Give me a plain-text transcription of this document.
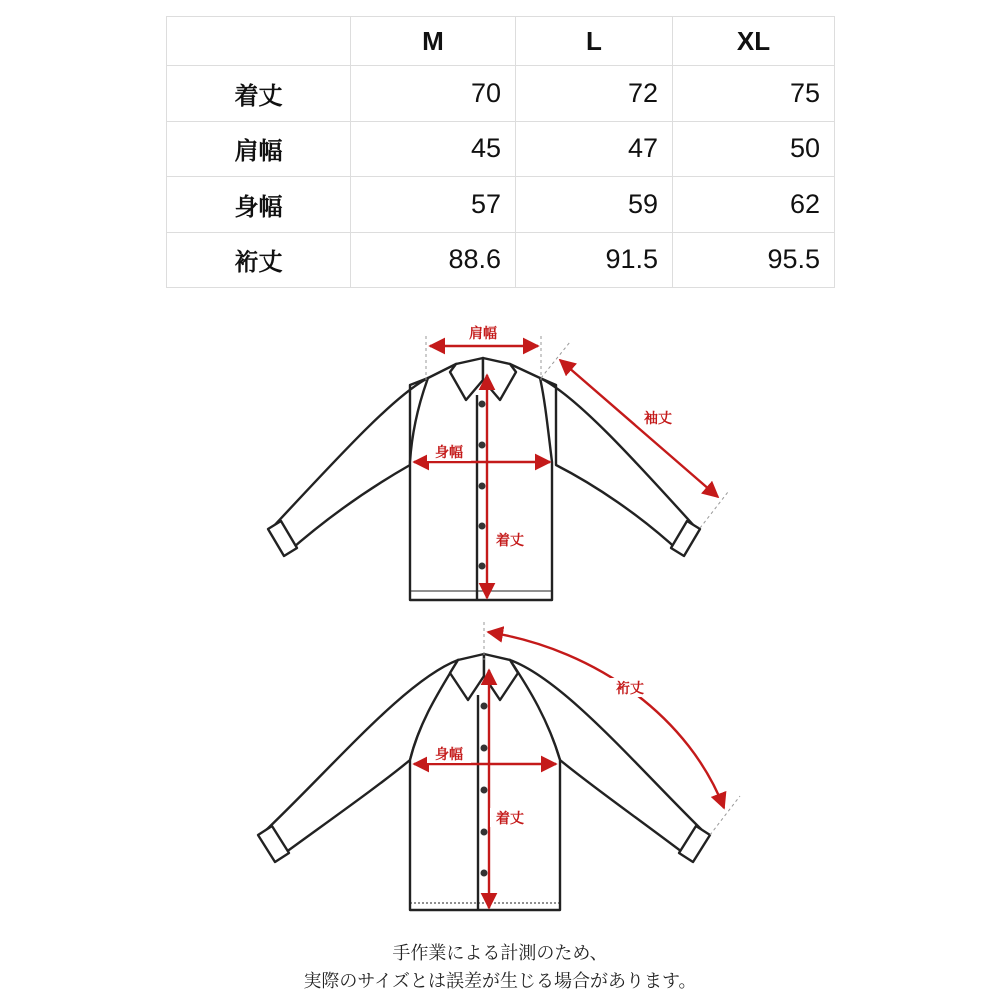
	M	L	XL
着丈	70	72	75
肩幅	45	47	50
身幅	57	59	62
裄丈	88.6	91.5	95.5
肩幅
袖丈
身幅
着丈
裄丈
身幅
着丈
手作業による計測のため、
実際のサイズとは誤差が生じる場合があります。
